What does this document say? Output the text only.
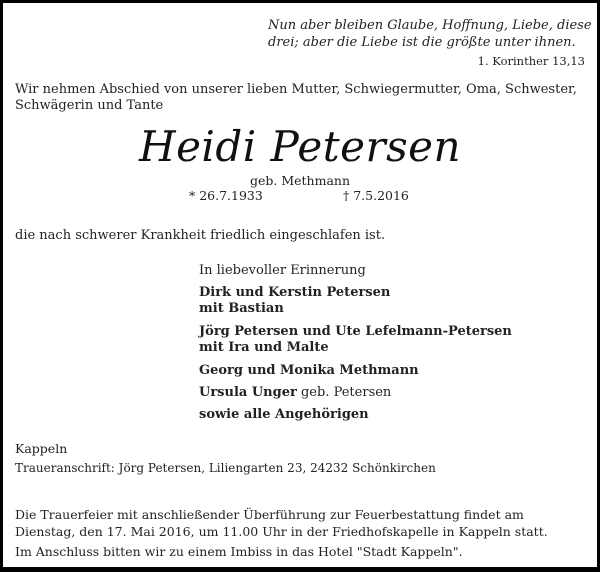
Nun aber bleiben Glaube, Hoffnung, Liebe, diese
drei; aber die Liebe ist die größte unter ihnen.
1. Korinther 13,13
Wir nehmen Abschied von unserer lieben Mutter, Schwiegermutter, Oma, Schwester,
Schwägerin und Tante
Heidi Petersen
geb. Methmann
* 26.7.1933	† 7.5.2016
die nach schwerer Krankheit friedlich eingeschlafen ist.
In liebevoller Erinnerung
Dirk und Kerstin Petersen
mit Bastian
Jörg Petersen und Ute Lefelmann-Petersen
mit Ira und Malte
Georg und Monika Methmann
Ursula Unger geb. Petersen
sowie alle Angehörigen
Kappeln
Traueranschrift: Jörg Petersen, Liliengarten 23, 24232 Schönkirchen
Die Trauerfeier mit anschließender Überführung zur Feuerbestattung findet am
Dienstag, den 17. Mai 2016, um 11.00 Uhr in der Friedhofskapelle in Kappeln statt.
Im Anschluss bitten wir zu einem Imbiss in das Hotel "Stadt Kappeln".
